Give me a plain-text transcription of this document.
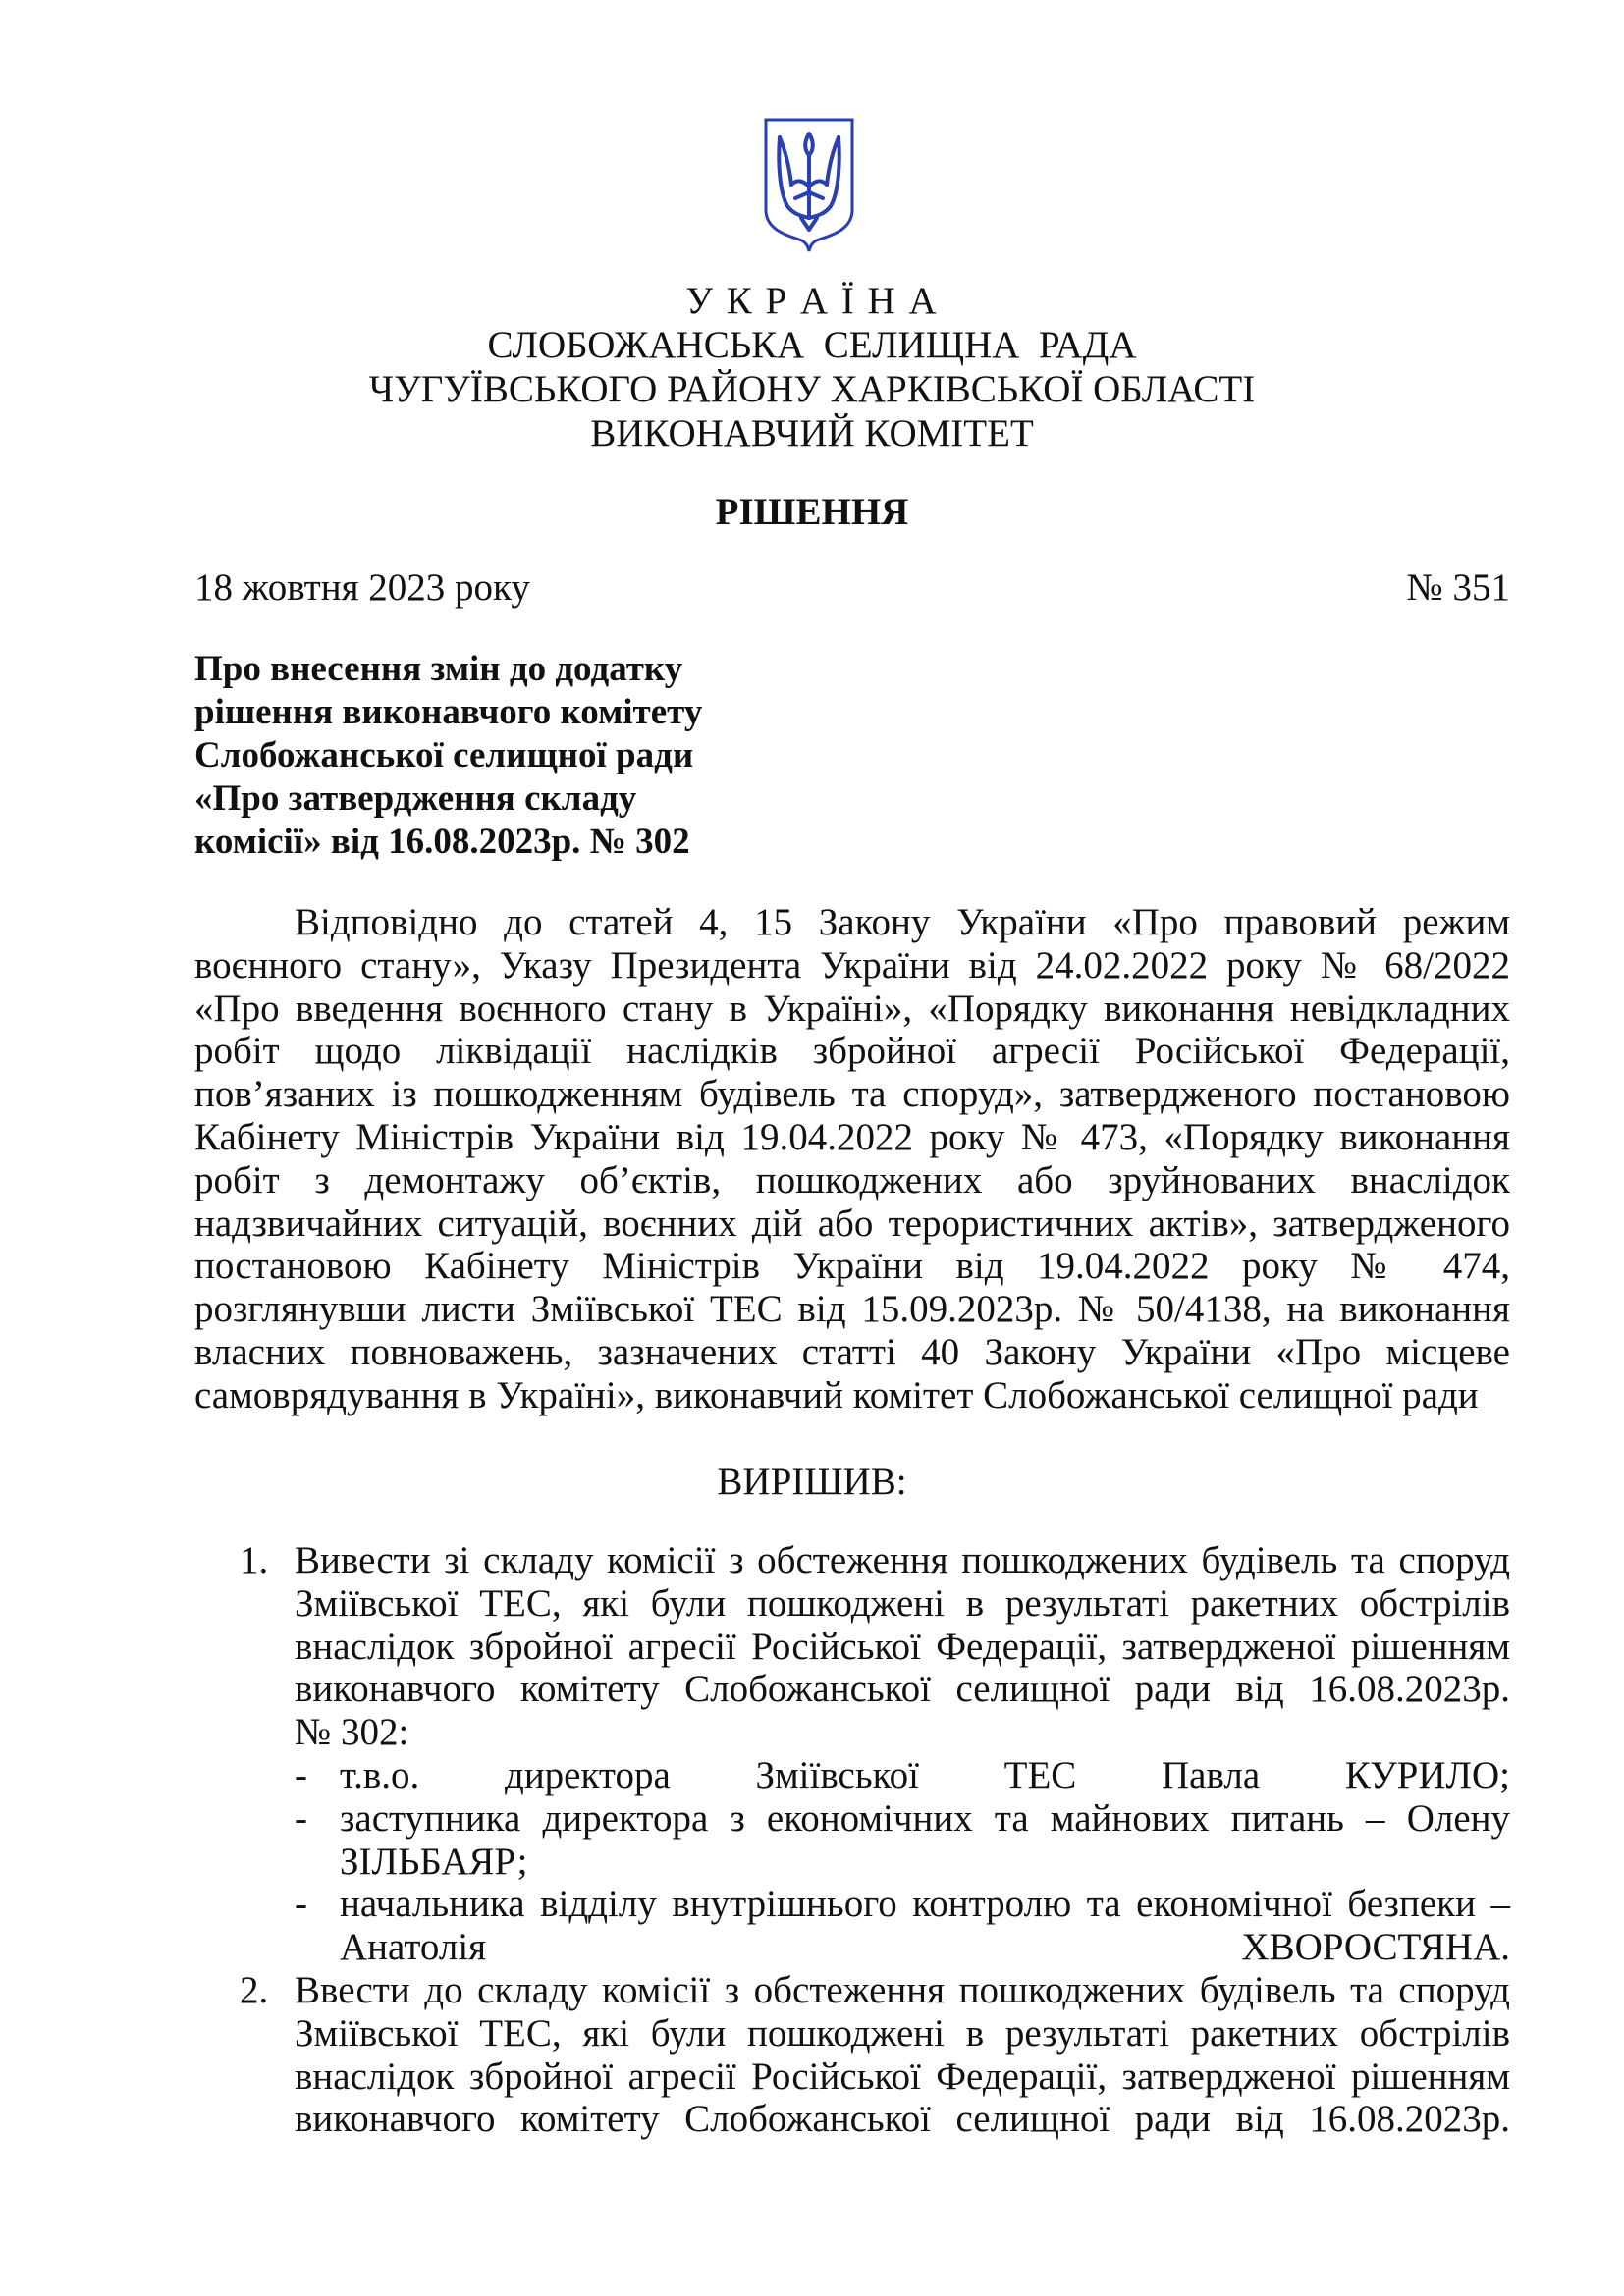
У К Р А Ї Н А
СЛОБОЖАНСЬКА  СЕЛИЩНА  РАДА
ЧУГУЇВСЬКОГО РАЙОНУ ХАРКІВСЬКОЇ ОБЛАСТІ
ВИКОНАВЧИЙ КОМІТЕТ
РІШЕННЯ
18 жовтня 2023 року	№ 351
Про внесення змін до додатку
рішення виконавчого комітету
Слобожанської селищної ради
«Про затвердження складу
комісії» від 16.08.2023р. № 302
Відповідно до статей 4, 15 Закону України «Про правовий режим
воєнного стану», Указу Президента України від 24.02.2022 року № 68/2022
«Про введення воєнного стану в Україні», «Порядку виконання невідкладних
робіт щодо ліквідації наслідків збройної агресії Російської Федерації,
пов’язаних із пошкодженням будівель та споруд», затвердженого постановою
Кабінету Міністрів України від 19.04.2022 року № 473, «Порядку виконання
робіт з демонтажу об’єктів, пошкоджених або зруйнованих внаслідок
надзвичайних ситуацій, воєнних дій або терористичних актів», затвердженого
постановою Кабінету Міністрів України від 19.04.2022 року № 474,
розглянувши листи Зміївської ТЕС від 15.09.2023р. № 50/4138, на виконання
власних повноважень, зазначених статті 40 Закону України «Про місцеве
самоврядування в Україні», виконавчий комітет Слобожанської селищної ради
ВИРІШИВ:
1. Вивести зі складу комісії з обстеження пошкоджених будівель та споруд
Зміївської ТЕС, які були пошкоджені в результаті ракетних обстрілів
внаслідок збройної агресії Російської Федерації, затвердженої рішенням
виконавчого комітету Слобожанської селищної ради від 16.08.2023р.
№ 302:
- т.в.о. директора Зміївської ТЕС Павла КУРИЛО;
- заступника директора з економічних та майнових питань – Олену
ЗІЛЬБАЯР;
- начальника відділу внутрішнього контролю та економічної безпеки –
Анатолія ХВОРОСТЯНА.
2. Ввести до складу комісії з обстеження пошкоджених будівель та споруд
Зміївської ТЕС, які були пошкоджені в результаті ракетних обстрілів
внаслідок збройної агресії Російської Федерації, затвердженої рішенням
виконавчого комітету Слобожанської селищної ради від 16.08.2023р.
